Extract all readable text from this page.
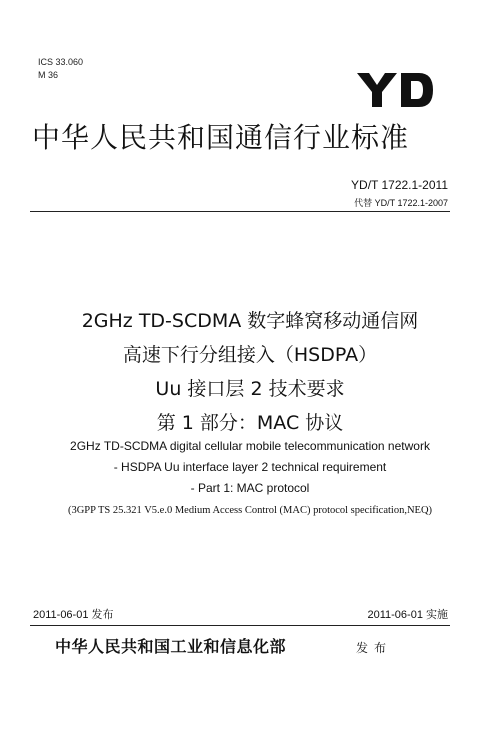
ICS 33.060
M 36
中华人民共和国通信行业标准
YD/T 1722.1-2011
代替 YD/T 1722.1-2007
2GHz TD-SCDMA 数字蜂窝移动通信网
高速下行分组接入（HSDPA）
Uu 接口层 2 技术要求
第 1 部分：MAC 协议
2GHz TD-SCDMA digital cellular mobile telecommunication network
- HSDPA Uu interface layer 2 technical requirement
- Part 1: MAC protocol
(3GPP TS 25.321 V5.e.0 Medium Access Control (MAC) protocol specification,NEQ)
2011-06-01 发布	2011-06-01 实施
中华人民共和国工业和信息化部	发布
